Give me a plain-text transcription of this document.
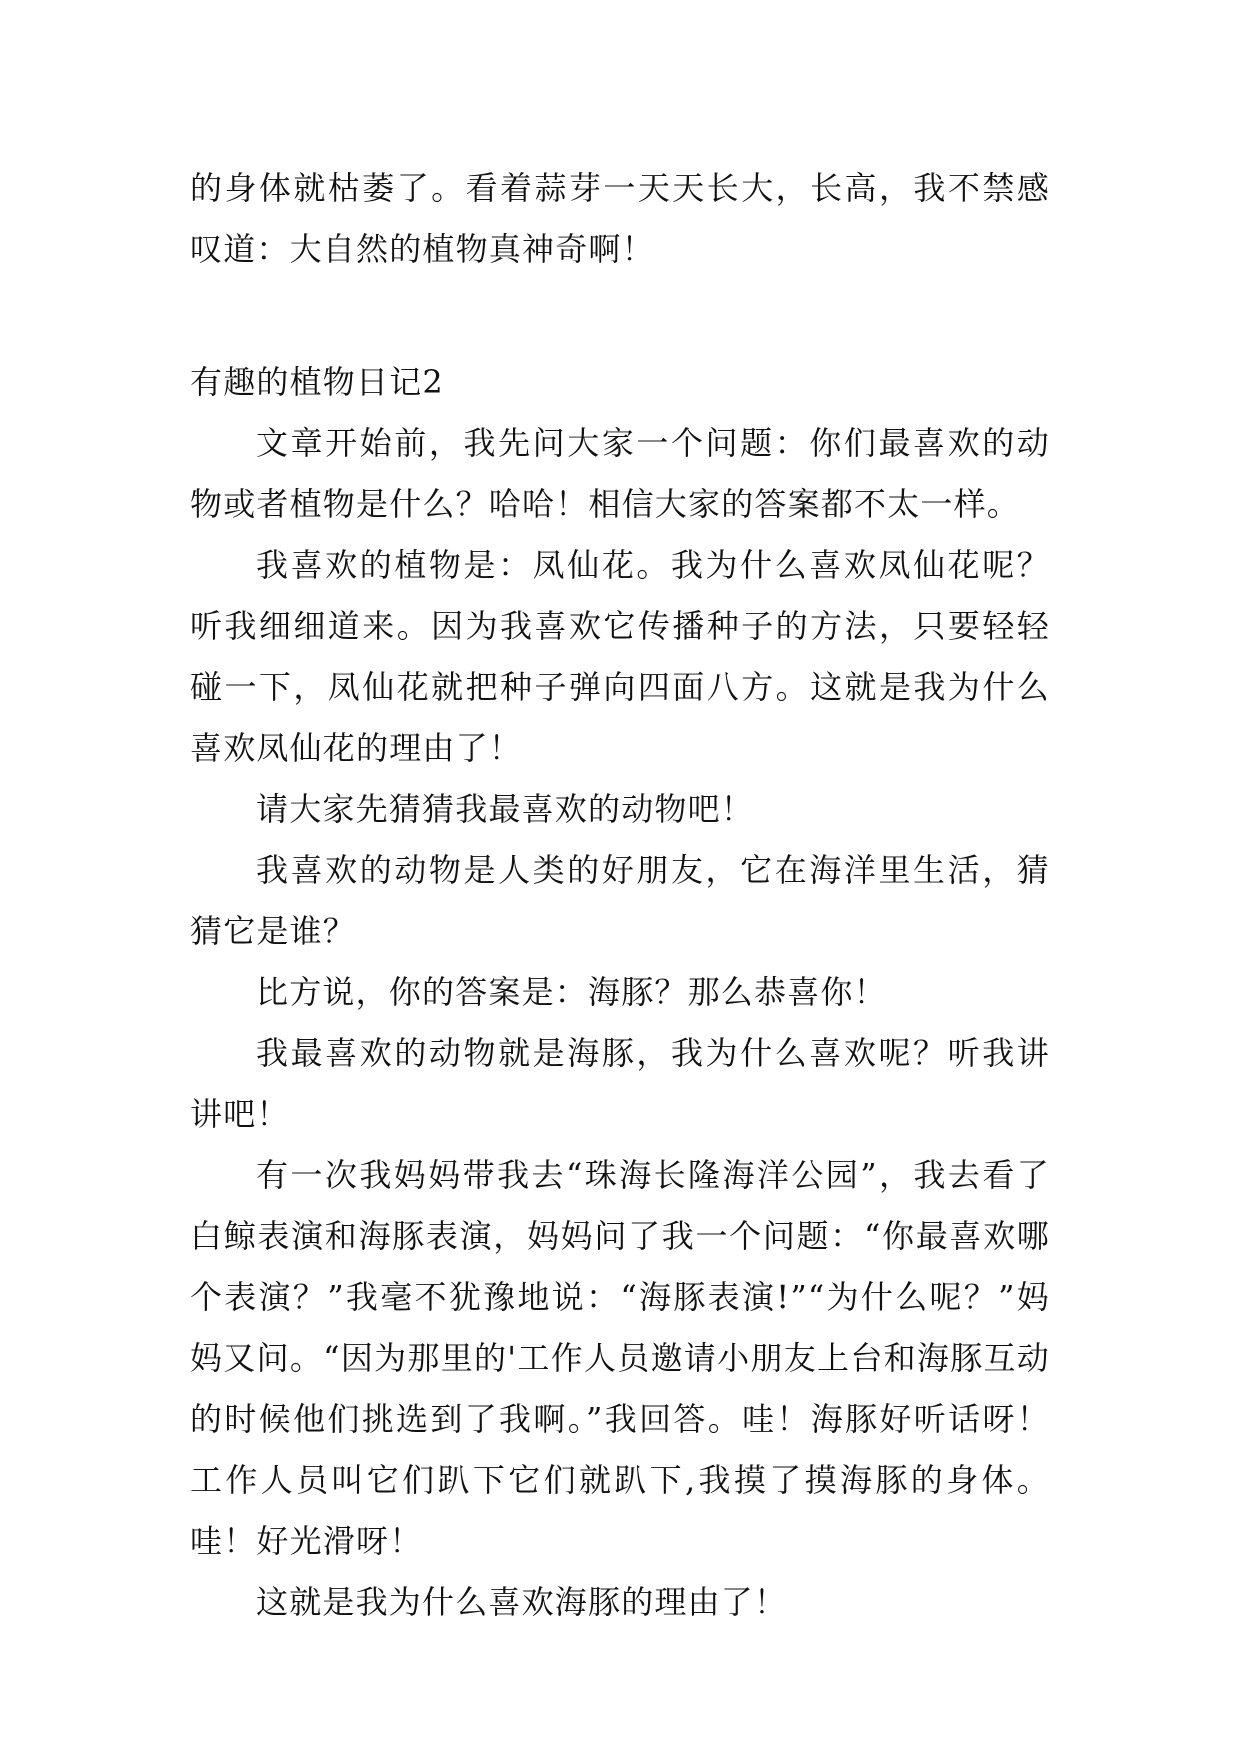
的身体就枯萎了。看着蒜芽一天天长大，长高，我不禁感叹道：大自然的植物真神奇啊！

有趣的植物日记2

文章开始前，我先问大家一个问题：你们最喜欢的动物或者植物是什么？哈哈！相信大家的答案都不太一样。

我喜欢的植物是：凤仙花。我为什么喜欢凤仙花呢？听我细细道来。因为我喜欢它传播种子的方法，只要轻轻碰一下，凤仙花就把种子弹向四面八方。这就是我为什么喜欢凤仙花的理由了！

请大家先猜猜我最喜欢的动物吧！

我喜欢的动物是人类的好朋友，它在海洋里生活，猜猜它是谁？

比方说，你的答案是：海豚？那么恭喜你！

我最喜欢的动物就是海豚，我为什么喜欢呢？听我讲讲吧！

有一次我妈妈带我去“珠海长隆海洋公园”，我去看了白鲸表演和海豚表演，妈妈问了我一个问题：“你最喜欢哪个表演？”我毫不犹豫地说：“海豚表演!”“为什么呢？”妈妈又问。“因为那里的'工作人员邀请小朋友上台和海豚互动的时候他们挑选到了我啊。”我回答。哇！海豚好听话呀！工作人员叫它们趴下它们就趴下,我摸了摸海豚的身体。哇！好光滑呀！

这就是我为什么喜欢海豚的理由了！
